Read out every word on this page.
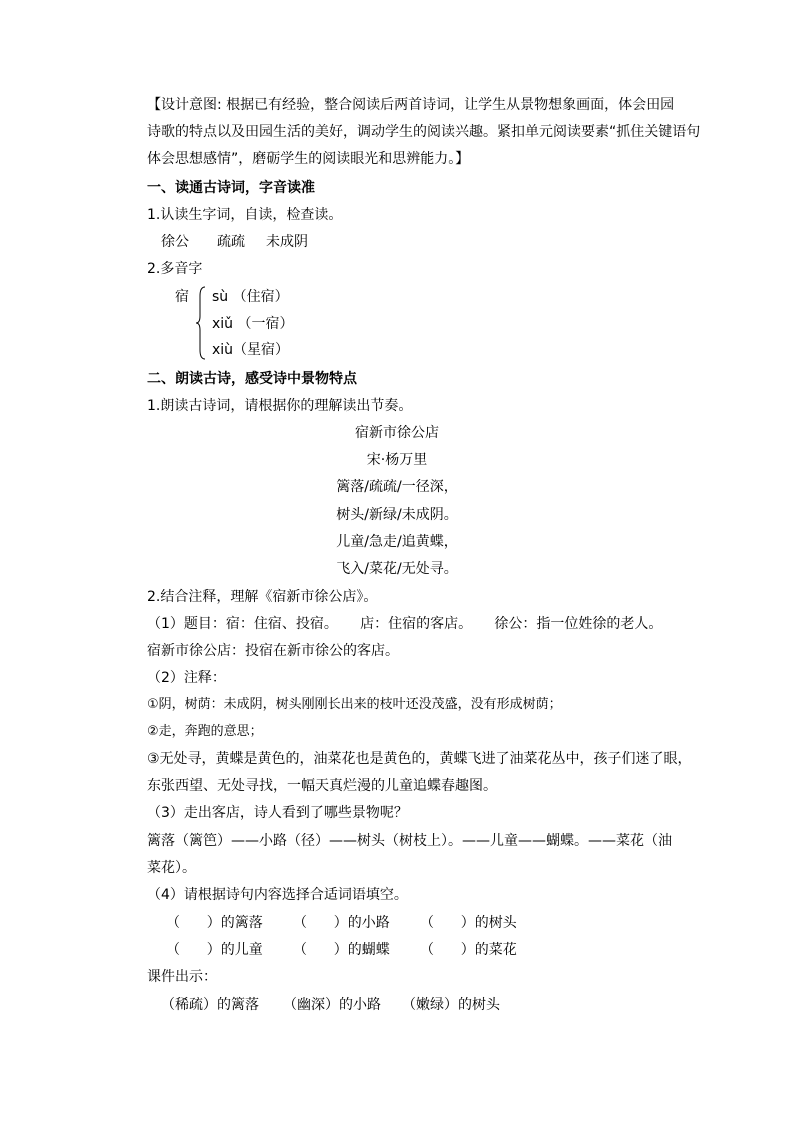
【设计意图: 根据已有经验，整合阅读后两首诗词，让学生从景物想象画面，体会田园
诗歌的特点以及田园生活的美好，调动学生的阅读兴趣。紧扣单元阅读要素“抓住关键语句
体会思想感情”，磨砺学生的阅读眼光和思辨能力。】
一、读通古诗词，字音读准
1.认读生字词，自读，检查读。
徐公 疏疏 未成阴
2.多音字
宿 sù （住宿）
xiǔ （一宿）
xiù（星宿）
二、朗读古诗，感受诗中景物特点
1.朗读古诗词，请根据你的理解读出节奏。
宿新市徐公店
宋·杨万里
篱落/疏疏/一径深，
树头/新绿/未成阴。
儿童/急走/追黄蝶，
飞入/菜花/无处寻。
2.结合注释，理解《宿新市徐公店》。
（1）题目：宿：住宿、投宿。     店：住宿的客店。     徐公：指一位姓徐的老人。
宿新市徐公店：投宿在新市徐公的客店。
（2）注释：
①阴，树荫：未成阴，树头刚刚长出来的枝叶还没茂盛，没有形成树荫；
②走，奔跑的意思；
③无处寻，黄蝶是黄色的，油菜花也是黄色的，黄蝶飞进了油菜花丛中，孩子们迷了眼，
东张西望、无处寻找，一幅天真烂漫的儿童追蝶春趣图。
（3）走出客店，诗人看到了哪些景物呢？
篱落（篱笆）——小路（径）——树头（树枝上）。——儿童——蝴蝶。——菜花（油
菜花）。
（4）请根据诗句内容选择合适词语填空。
（      ）的篱落 （      ）的小路 （      ）的树头
（      ）的儿童 （      ）的蝴蝶 （      ）的菜花
课件出示：
（稀疏）的篱落 （幽深）的小路 （嫩绿）的树头
